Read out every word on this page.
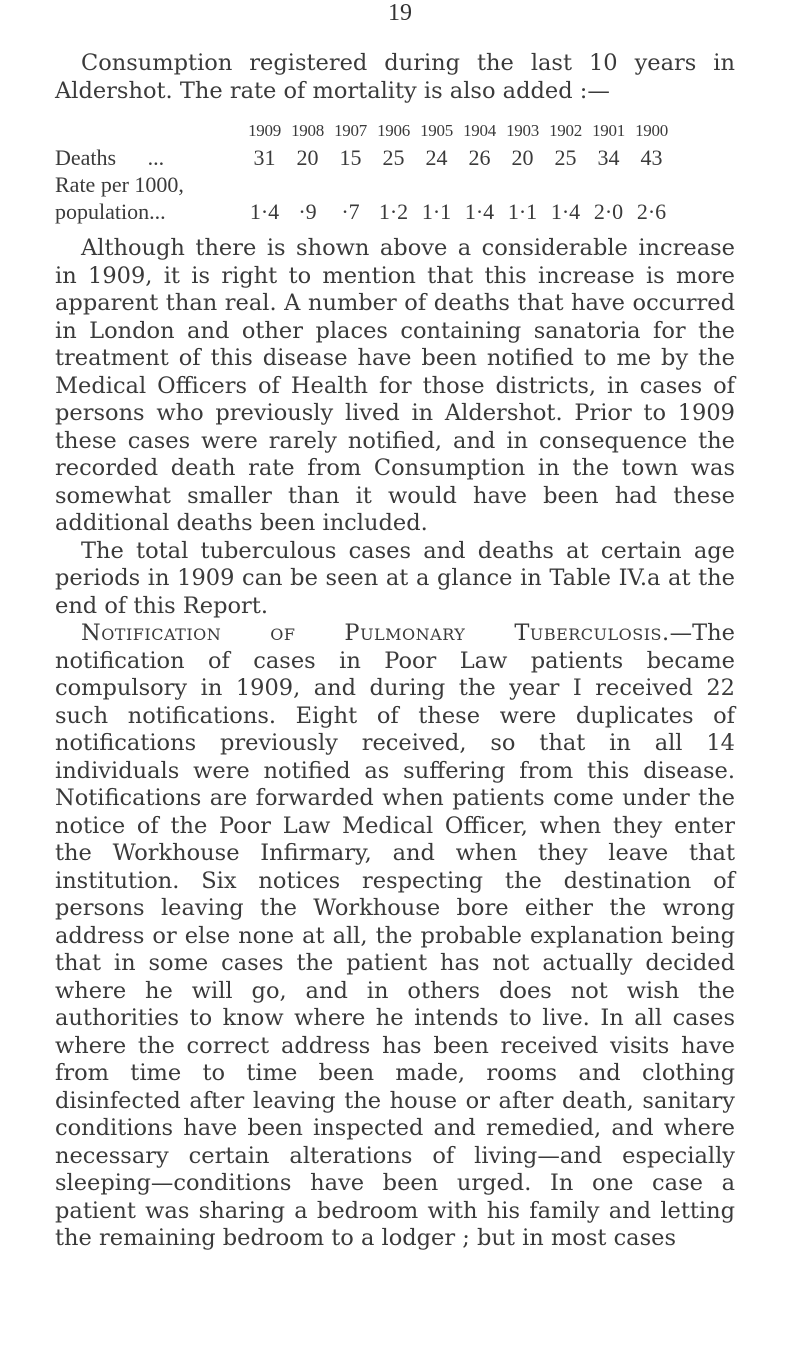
19

Consumption registered during the last 10 years in Aldershot. The rate of mortality is also added :—

1909 1908 1907 1906 1905 1904 1903 1902 1901 1900
Deaths ...	31 20 15 25 24 26 20 25 34 43
Rate per 1000,
population...	1·4 ·9	·7 1·2 1·1 1·4 1·1 1·4 2·0 2·6

Although there is shown above a considerable increase in 1909, it is right to mention that this increase is more apparent than real. A number of deaths that have occurred in London and other places containing sanatoria for the treatment of this disease have been notified to me by the Medical Officers of Health for those districts, in cases of persons who previously lived in Aldershot. Prior to 1909 these cases were rarely notified, and in consequence the recorded death rate from Consumption in the town was somewhat smaller than it would have been had these additional deaths been included.

The total tuberculous cases and deaths at certain age periods in 1909 can be seen at a glance in Table IV.a at the end of this Report.

Notification of Pulmonary Tuberculosis.—The notification of cases in Poor Law patients became compulsory in 1909, and during the year I received 22 such notifications. Eight of these were duplicates of notifications previously received, so that in all 14 individuals were notified as suffering from this disease. Notifications are forwarded when patients come under the notice of the Poor Law Medical Officer, when they enter the Workhouse Infirmary, and when they leave that institution. Six notices respecting the destination of persons leaving the Workhouse bore either the wrong address or else none at all, the probable explanation being that in some cases the patient has not actually decided where he will go, and in others does not wish the authorities to know where he intends to live. In all cases where the correct address has been received visits have from time to time been made, rooms and clothing disinfected after leaving the house or after death, sanitary conditions have been inspected and remedied, and where necessary certain alterations of living—and especially sleeping—conditions have been urged. In one case a patient was sharing a bedroom with his family and letting the remaining bedroom to a lodger ; but in most cases
